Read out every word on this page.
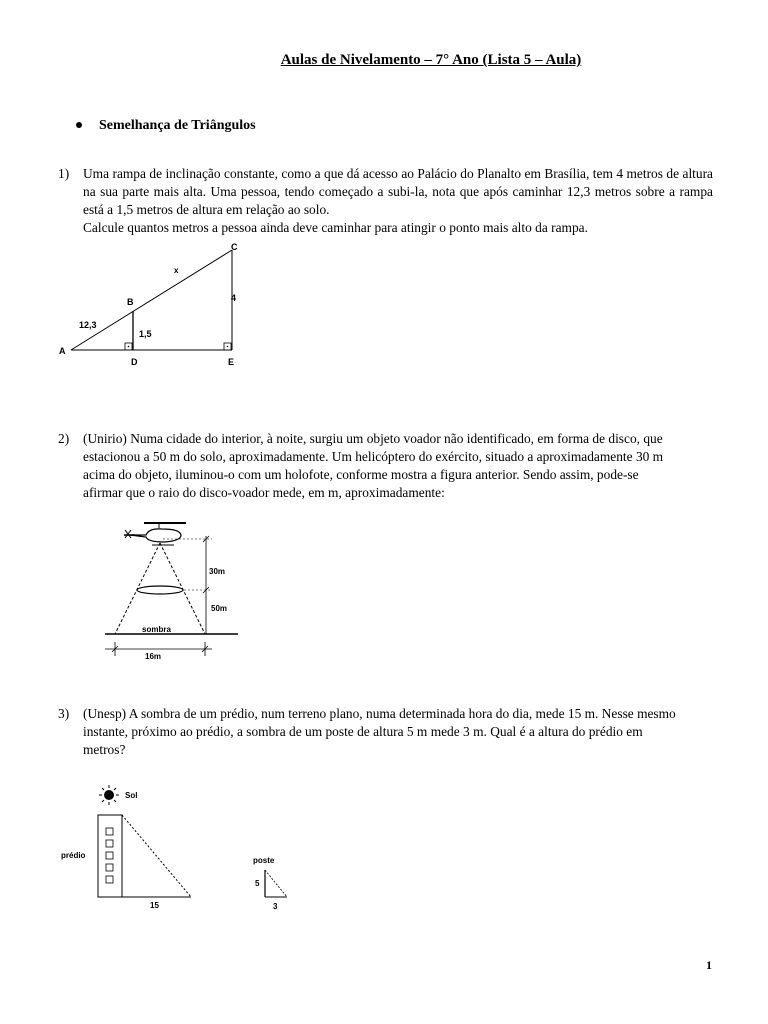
Aulas de Nivelamento – 7° Ano (Lista 5 – Aula)
Semelhança de Triângulos
1) Uma rampa de inclinação constante, como a que dá acesso ao Palácio do Planalto em Brasília, tem 4 metros de altura na sua parte mais alta. Uma pessoa, tendo começado a subi-la, nota que após caminhar 12,3 metros sobre a rampa está a 1,5 metros de altura em relação ao solo.
Calcule quantos metros a pessoa ainda deve caminhar para atingir o ponto mais alto da rampa.
A
B
C
D	E
x
12,3
1,5
4
2) (Unirio) Numa cidade do interior, à noite, surgiu um objeto voador não identificado, em forma de disco, que
estacionou a 50 m do solo, aproximadamente. Um helicóptero do exército, situado a aproximadamente 30 m
acima do objeto, iluminou-o com um holofote, conforme mostra a figura anterior. Sendo assim, pode-se
afirmar que o raio do disco-voador mede, em m, aproximadamente:
30m
50m
sombra
16m
3) (Unesp) A sombra de um prédio, num terreno plano, numa determinada hora do dia, mede 15 m. Nesse mesmo
instante, próximo ao prédio, a sombra de um poste de altura 5 m mede 3 m. Qual é a altura do prédio em
metros?
Sol
prédio
15
poste
5
3
1
